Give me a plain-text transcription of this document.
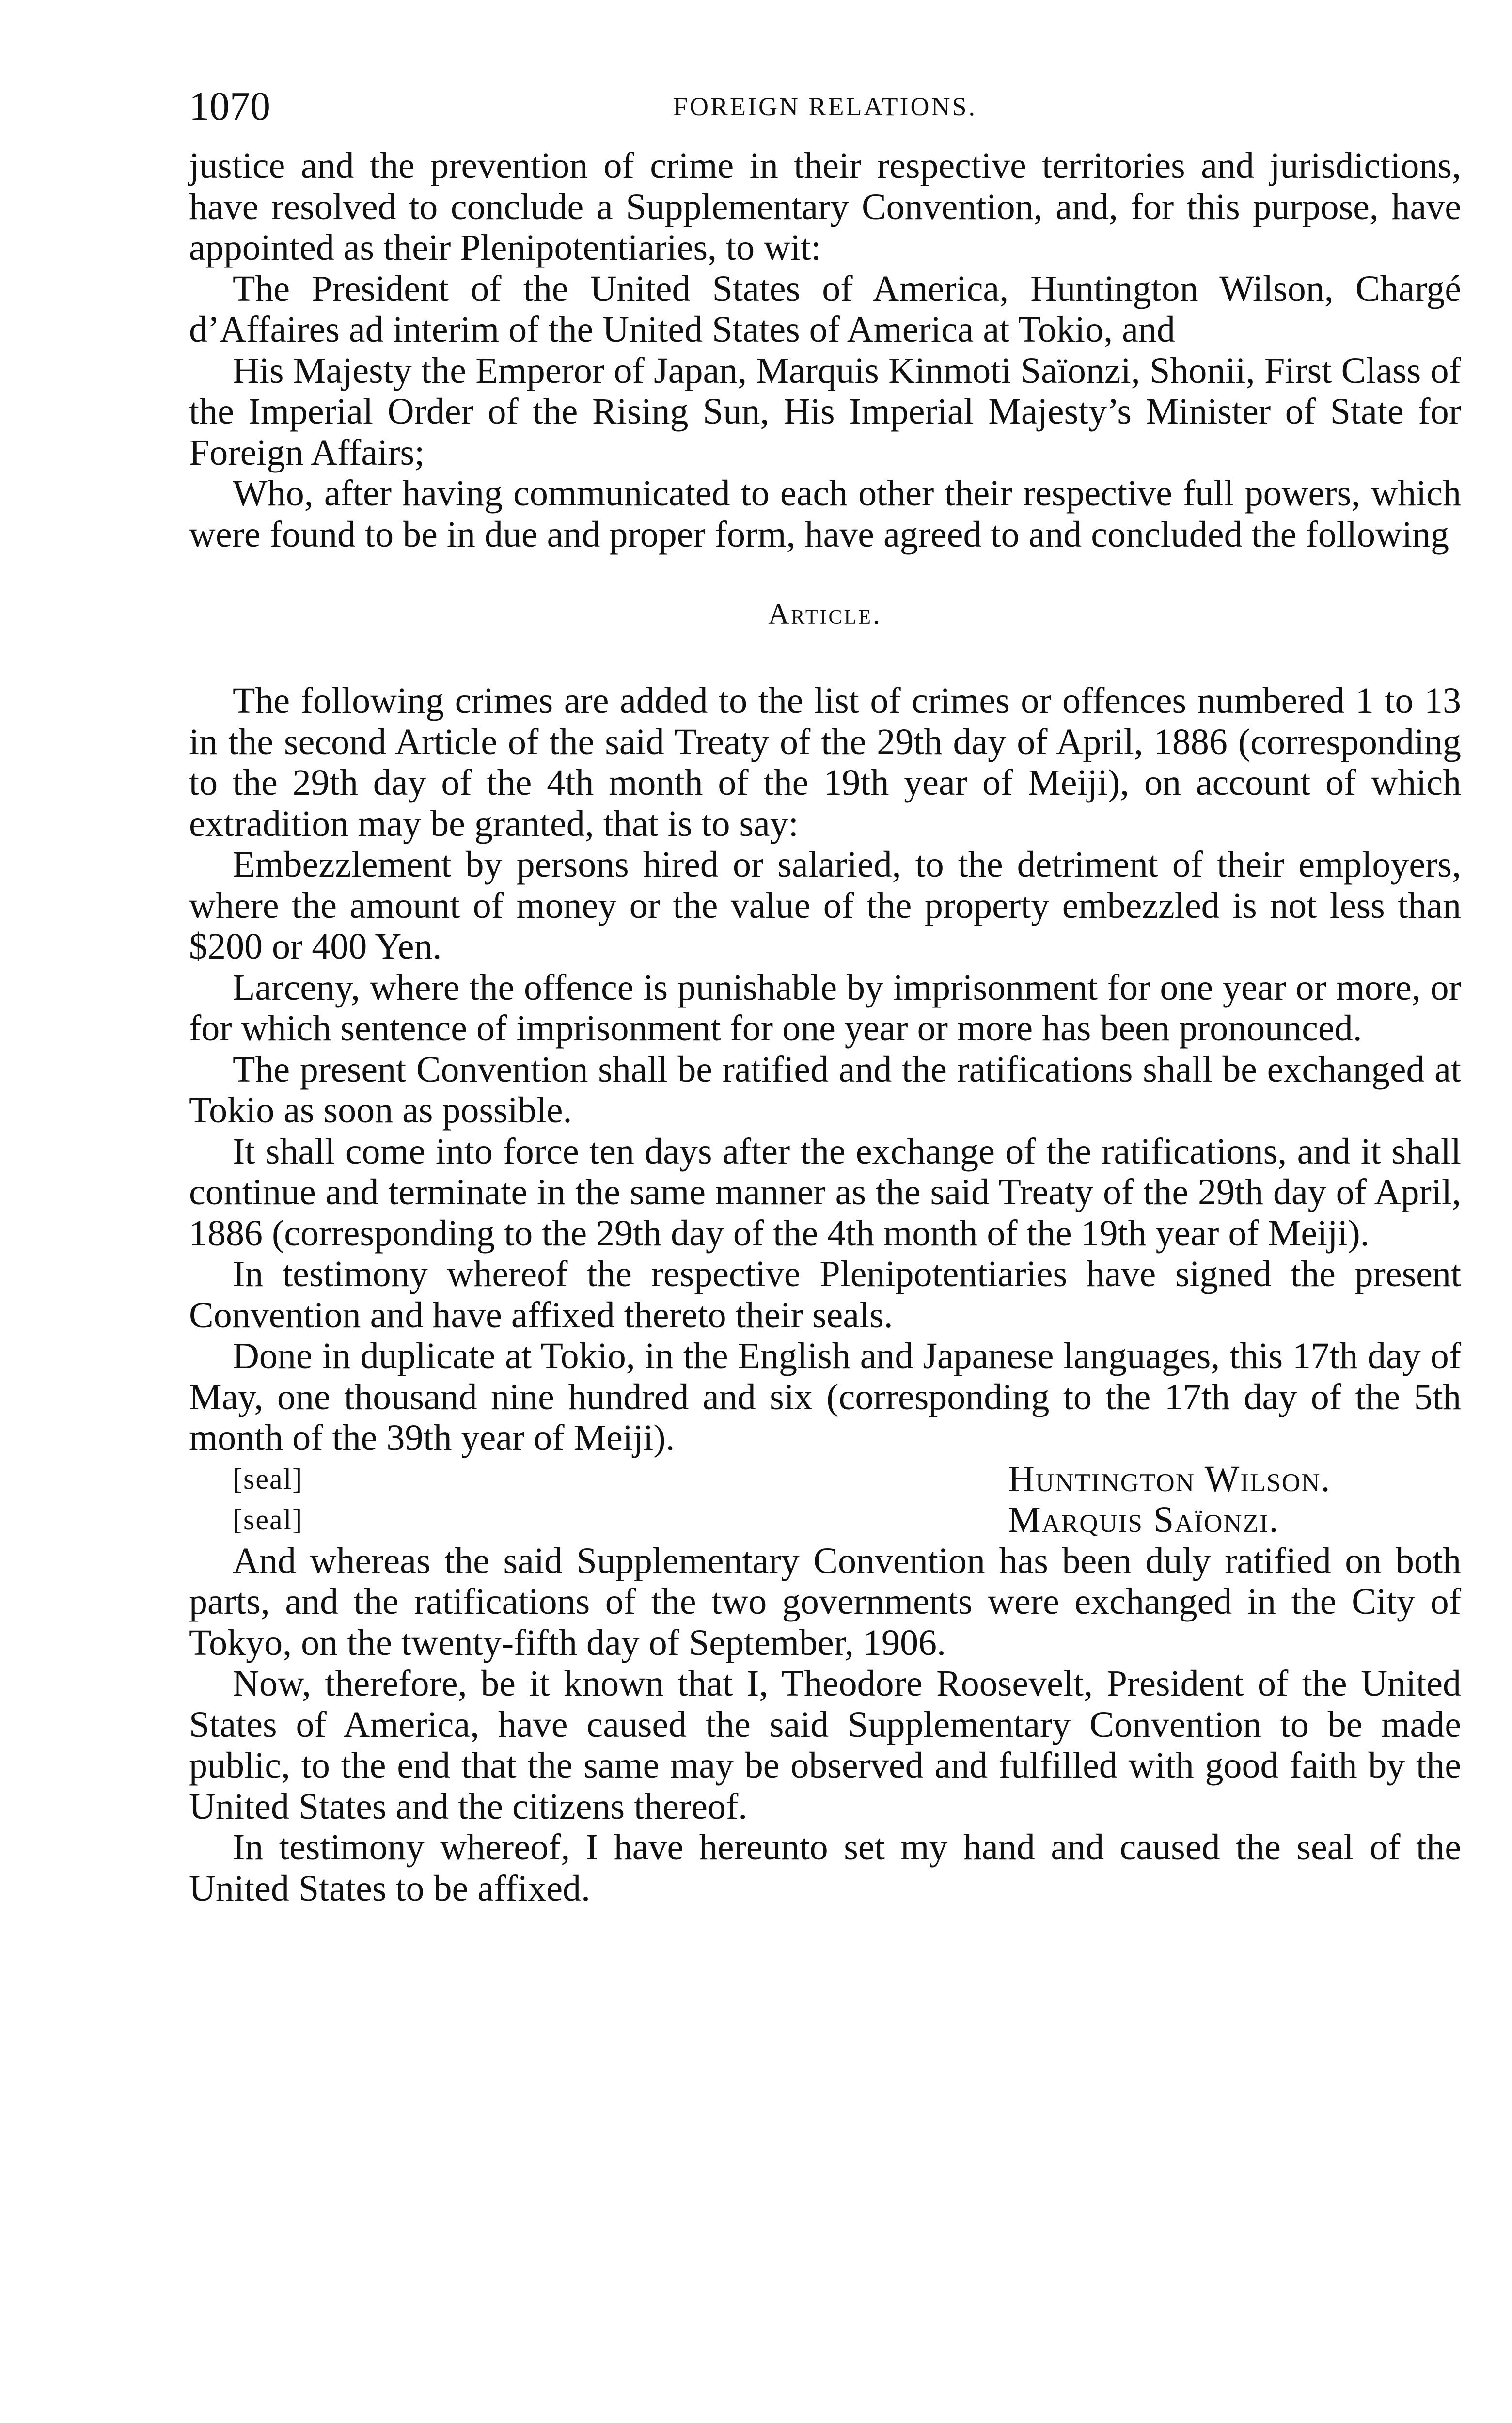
1070	FOREIGN RELATIONS.

justice and the prevention of crime in their respective territories and jurisdictions, have resolved to conclude a Supplementary Convention, and, for this purpose, have appointed as their Plenipotentiaries, to wit:

The President of the United States of America, Huntington Wilson, Chargé d’Affaires ad interim of the United States of America at Tokio, and

His Majesty the Emperor of Japan, Marquis Kinmoti Saïonzi, Shonii, First Class of the Imperial Order of the Rising Sun, His Imperial Majesty’s Minister of State for Foreign Affairs;

Who, after having communicated to each other their respective full powers, which were found to be in due and proper form, have agreed to and concluded the following

Article.

The following crimes are added to the list of crimes or offences numbered 1 to 13 in the second Article of the said Treaty of the 29th day of April, 1886 (corresponding to the 29th day of the 4th month of the 19th year of Meiji), on account of which extradition may be granted, that is to say:

Embezzlement by persons hired or salaried, to the detriment of their employers, where the amount of money or the value of the property embezzled is not less than $200 or 400 Yen.

Larceny, where the offence is punishable by imprisonment for one year or more, or for which sentence of imprisonment for one year or more has been pronounced.

The present Convention shall be ratified and the ratifications shall be exchanged at Tokio as soon as possible.

It shall come into force ten days after the exchange of the ratifications, and it shall continue and terminate in the same manner as the said Treaty of the 29th day of April, 1886 (corresponding to the 29th day of the 4th month of the 19th year of Meiji).

In testimony whereof the respective Plenipotentiaries have signed the present Convention and have affixed thereto their seals.

Done in duplicate at Tokio, in the English and Japanese languages, this 17th day of May, one thousand nine hundred and six (corresponding to the 17th day of the 5th month of the 39th year of Meiji).

[seal]	Huntington Wilson.
[seal]	Marquis Saïonzi.

And whereas the said Supplementary Convention has been duly ratified on both parts, and the ratifications of the two governments were exchanged in the City of Tokyo, on the twenty-fifth day of September, 1906.

Now, therefore, be it known that I, Theodore Roosevelt, President of the United States of America, have caused the said Supplementary Convention to be made public, to the end that the same may be observed and fulfilled with good faith by the United States and the citizens thereof.

In testimony whereof, I have hereunto set my hand and caused the seal of the United States to be affixed.
